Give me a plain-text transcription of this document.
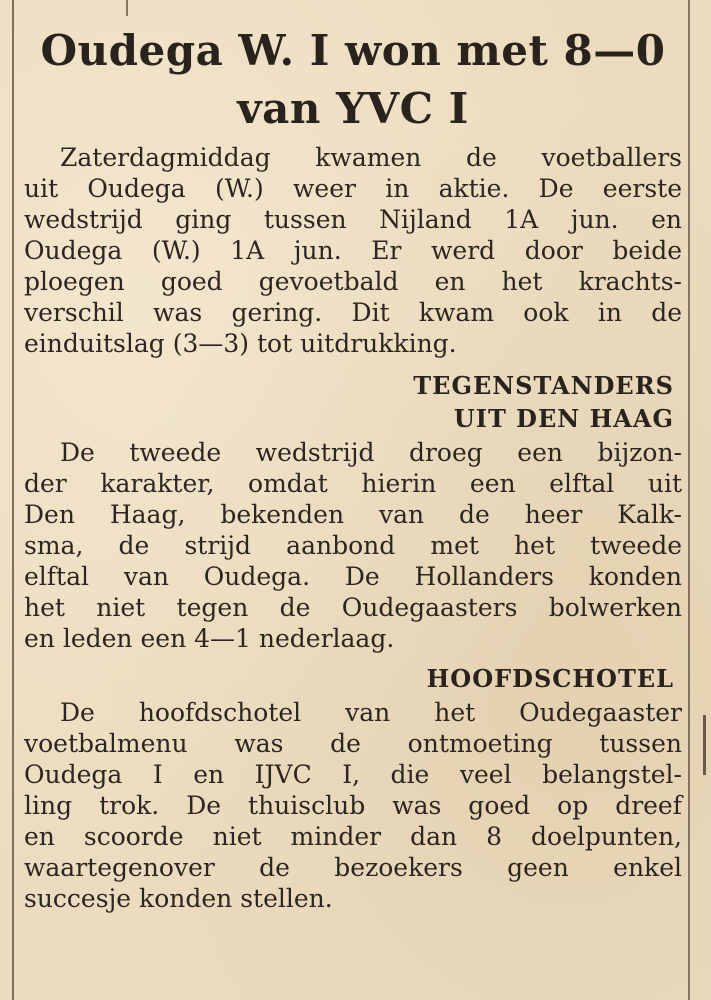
Oudega W. I won met 8—0
van YVC I
Zaterdagmiddag kwamen de voetballers
uit Oudega (W.) weer in aktie. De eerste
wedstrijd ging tussen Nijland 1A jun. en
Oudega (W.) 1A jun. Er werd door beide
ploegen goed gevoetbald en het krachts-
verschil was gering. Dit kwam ook in de
einduitslag (3—3) tot uitdrukking.
TEGENSTANDERS
UIT DEN HAAG
De tweede wedstrijd droeg een bijzon-
der karakter, omdat hierin een elftal uit
Den Haag, bekenden van de heer Kalk-
sma, de strijd aanbond met het tweede
elftal van Oudega. De Hollanders konden
het niet tegen de Oudegaasters bolwerken
en leden een 4—1 nederlaag.
HOOFDSCHOTEL
De hoofdschotel van het Oudegaaster
voetbalmenu was de ontmoeting tussen
Oudega I en IJVC I, die veel belangstel-
ling trok. De thuisclub was goed op dreef
en scoorde niet minder dan 8 doelpunten,
waartegenover de bezoekers geen enkel
succesje konden stellen.
